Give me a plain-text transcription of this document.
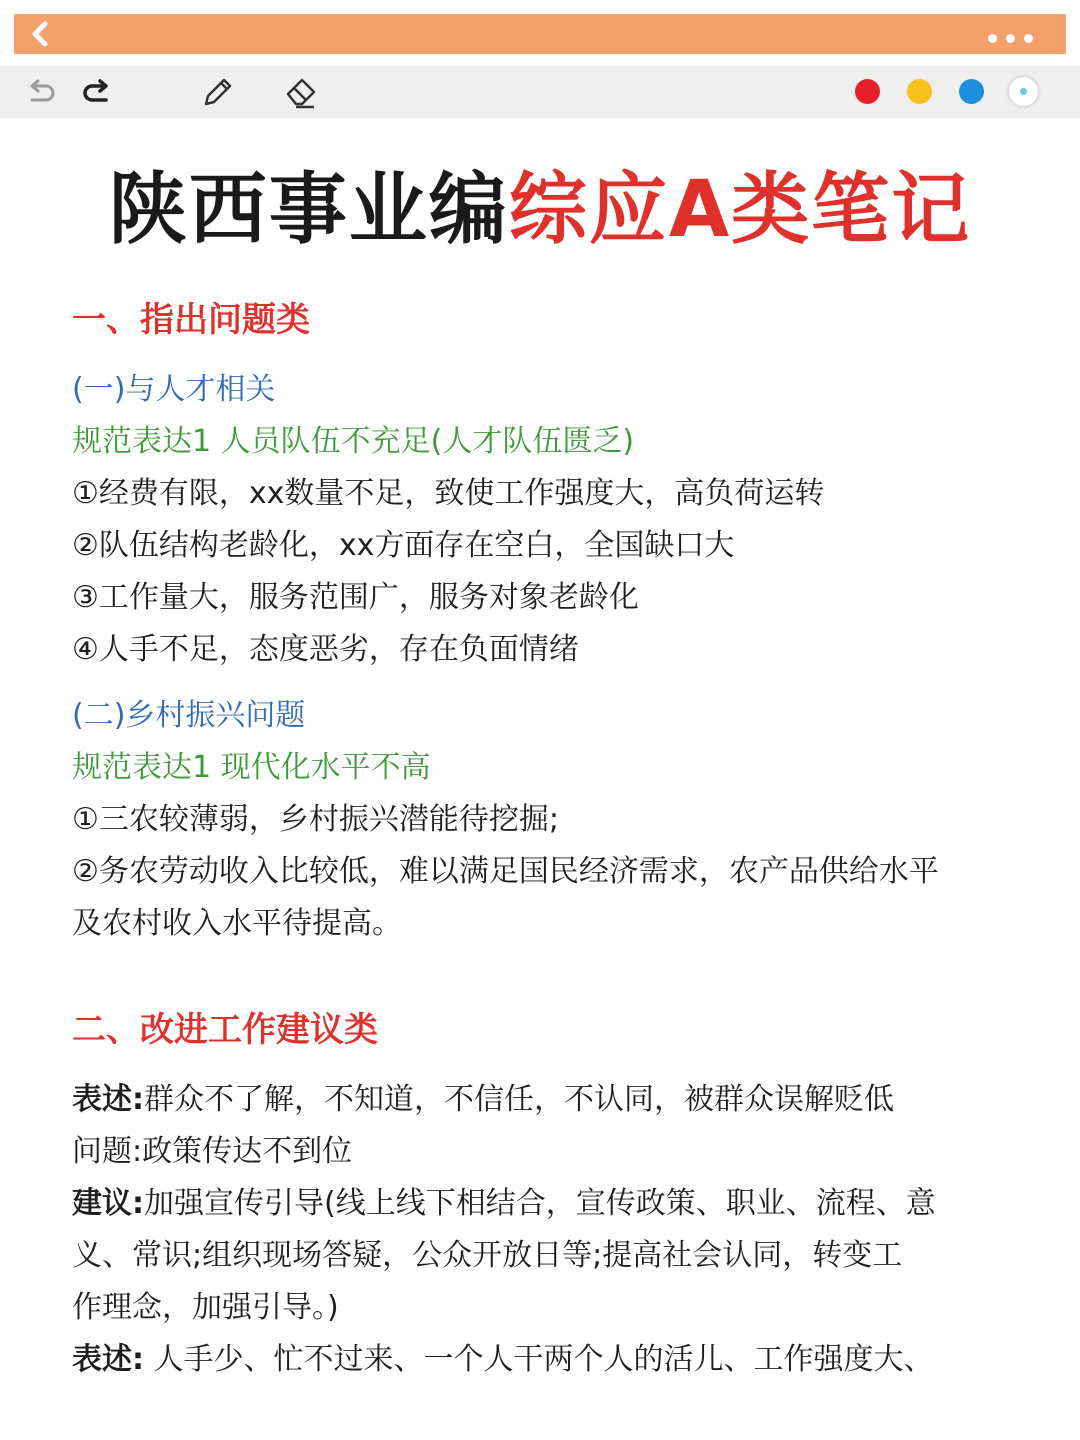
陕西事业编综应A类笔记

一、指出问题类

(一)与人才相关

规范表达1 人员队伍不充足(人才队伍匮乏)

①经费有限，xx数量不足，致使工作强度大，高负荷运转

②队伍结构老龄化，xx方面存在空白，全国缺口大

③工作量大，服务范围广，服务对象老龄化

④人手不足，态度恶劣，存在负面情绪

(二)乡村振兴问题

规范表达1 现代化水平不高

①三农较薄弱，乡村振兴潜能待挖掘;

②务农劳动收入比较低，难以满足国民经济需求，农产品供给水平

及农村收入水平待提高。

二、改进工作建议类

表述:群众不了解，不知道，不信任，不认同，被群众误解贬低

问题:政策传达不到位

建议:加强宣传引导(线上线下相结合，宣传政策、职业、流程、意

义、常识;组织现场答疑，公众开放日等;提高社会认同，转变工

作理念，加强引导。)

表述: 人手少、忙不过来、一个人干两个人的活儿、工作强度大、
